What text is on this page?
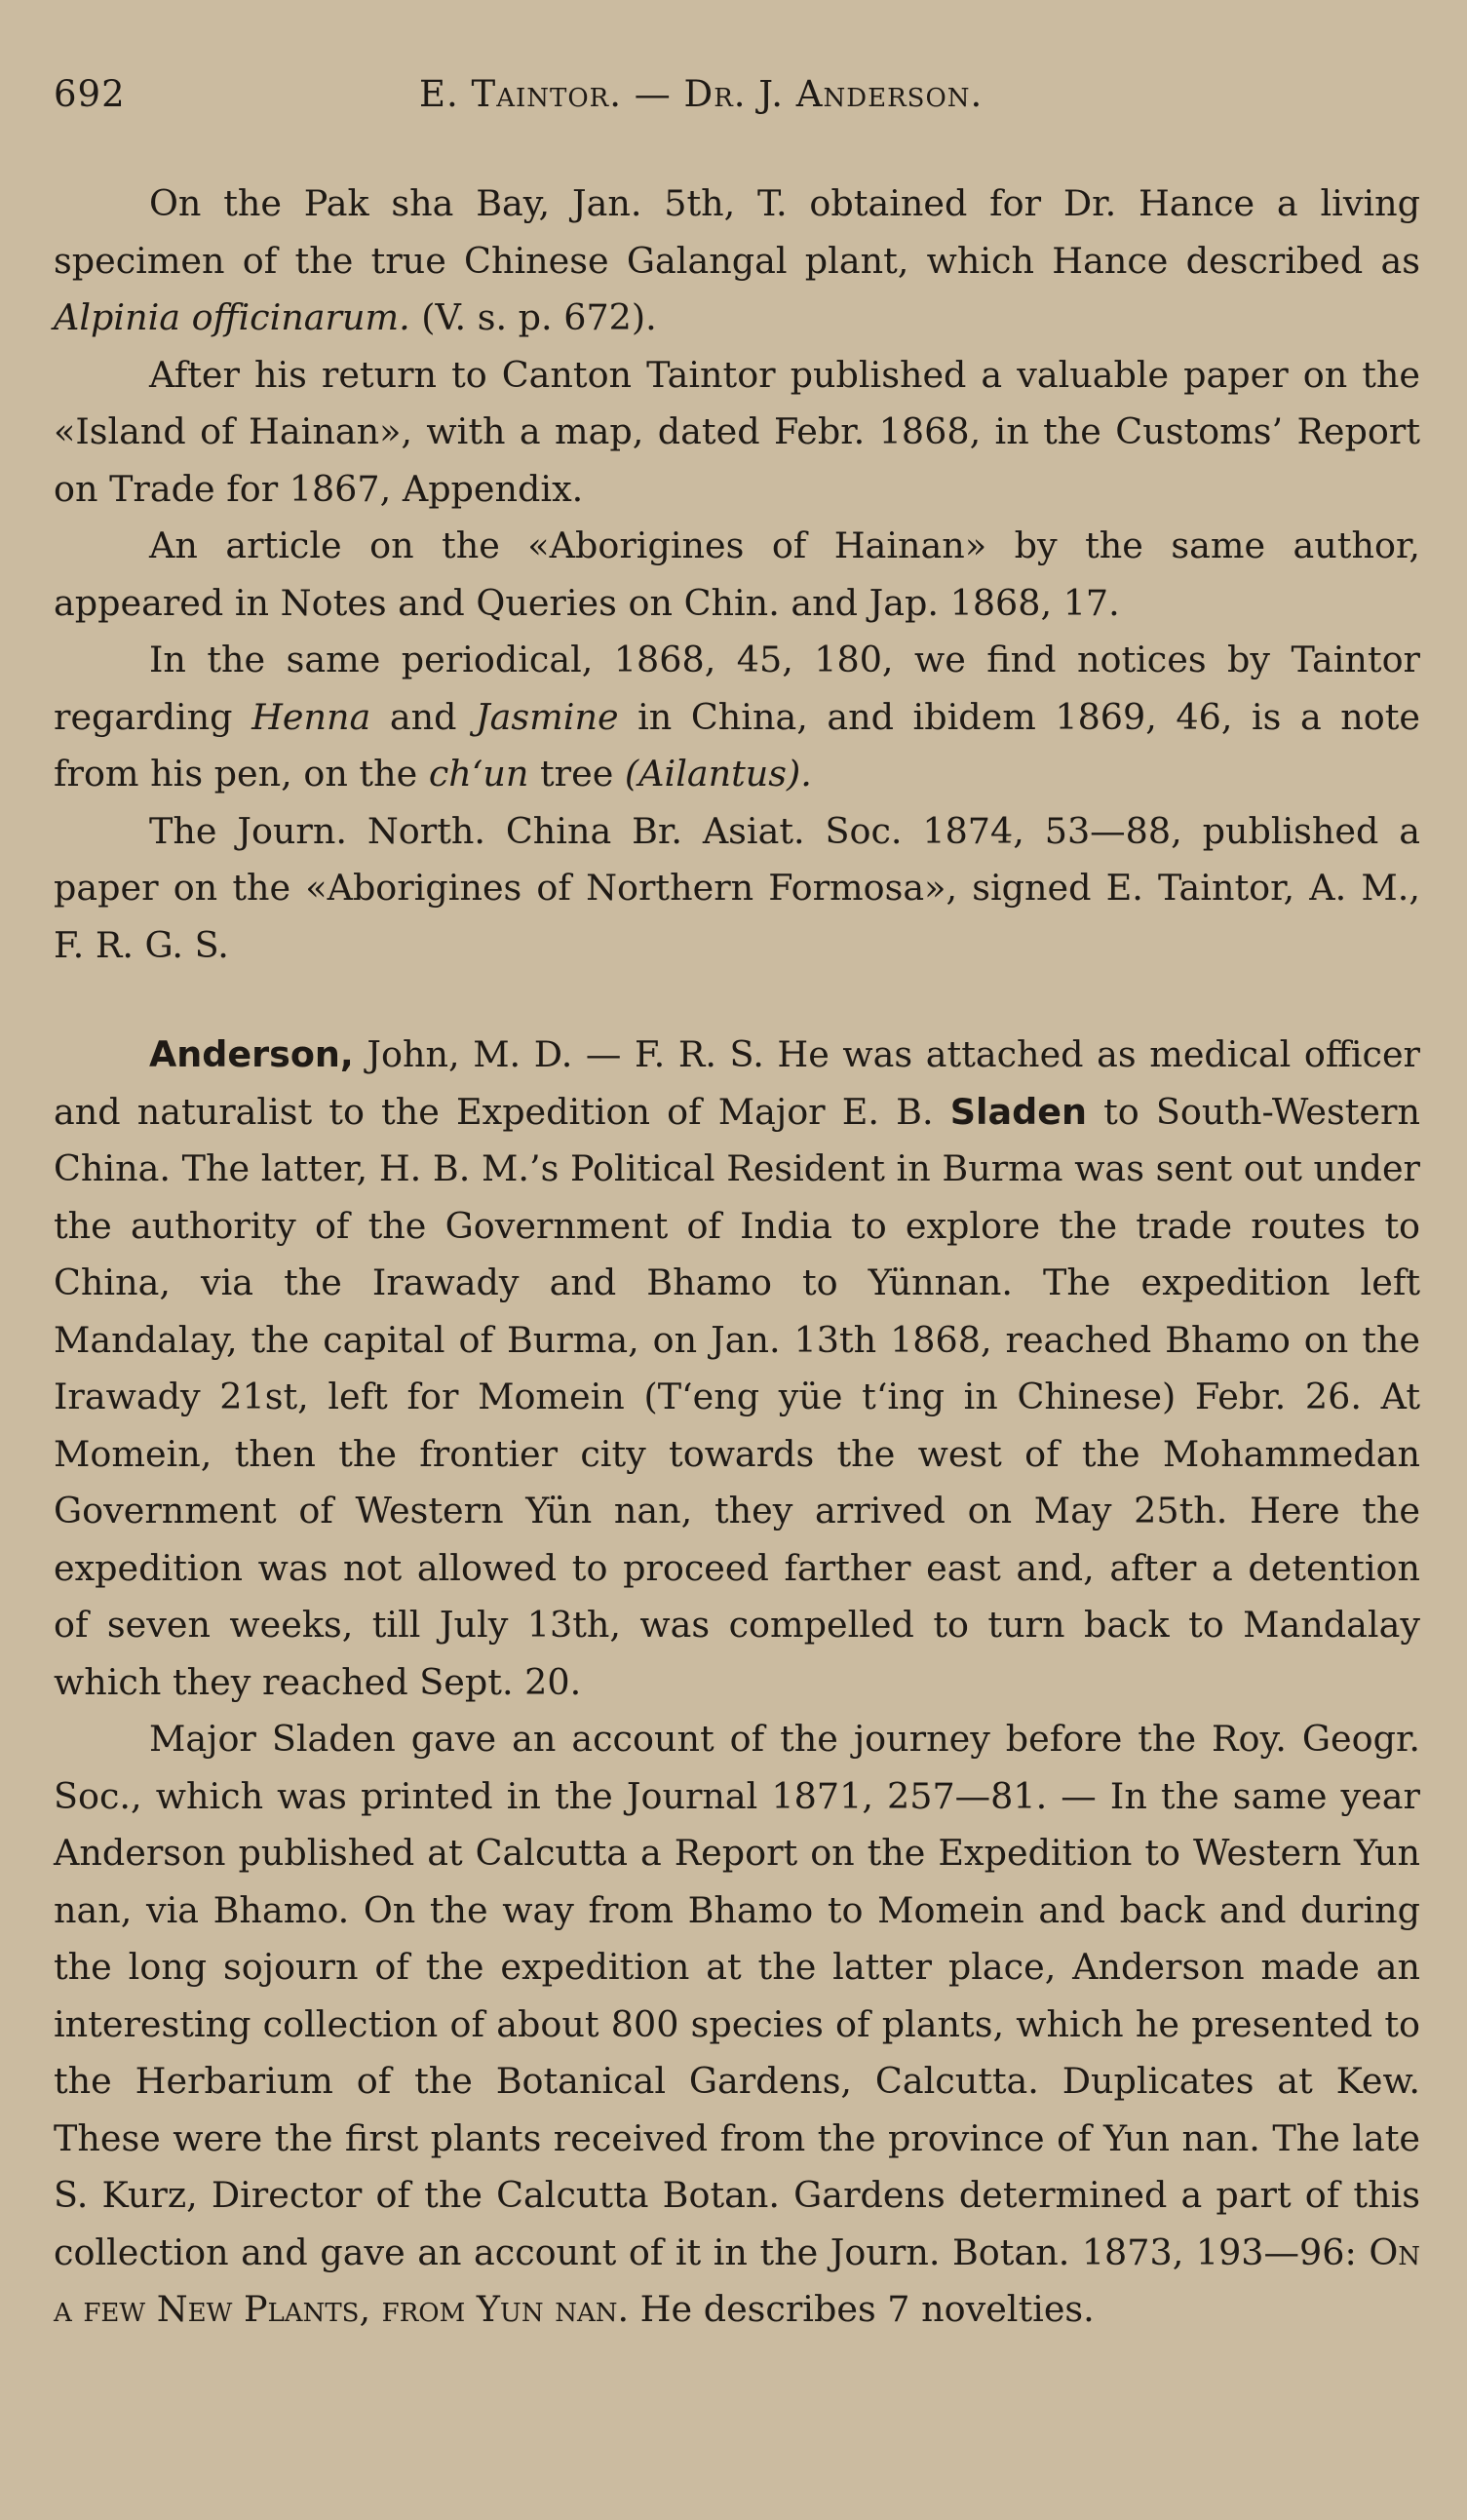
692	E. Taintor. — Dr. J. Anderson.

On the Pak sha Bay, Jan. 5th, T. obtained for Dr. Hance a living specimen of the true Chinese Galangal plant, which Hance described as Alpinia officinarum. (V. s. p. 672).

After his return to Canton Taintor published a valuable paper on the «Island of Hainan», with a map, dated Febr. 1868, in the Customs’ Report on Trade for 1867, Appendix.

An article on the «Aborigines of Hainan» by the same author, appeared in Notes and Queries on Chin. and Jap. 1868, 17.

In the same periodical, 1868, 45, 180, we find notices by Taintor regarding Henna and Jasmine in China, and ibidem 1869, 46, is a note from his pen, on the ch‘un tree (Ailantus).

The Journ. North. China Br. Asiat. Soc. 1874, 53—88, published a paper on the «Aborigines of Northern Formosa», signed E. Taintor, A. M., F. R. G. S.

Anderson, John, M. D. — F. R. S. He was attached as medical officer and naturalist to the Expedition of Major E. B. Sladen to South-Western China. The latter, H. B. M.’s Political Resident in Burma was sent out under the authority of the Government of India to explore the trade routes to China, via the Irawady and Bhamo to Yünnan. The expedition left Mandalay, the capital of Burma, on Jan. 13th 1868, reached Bhamo on the Irawady 21st, left for Momein (T‘eng yüe t‘ing in Chinese) Febr. 26. At Momein, then the frontier city towards the west of the Mohammedan Government of Western Yün nan, they arrived on May 25th. Here the expedition was not allowed to proceed farther east and, after a detention of seven weeks, till July 13th, was compelled to turn back to Mandalay which they reached Sept. 20.

Major Sladen gave an account of the journey before the Roy. Geogr. Soc., which was printed in the Journal 1871, 257—81. — In the same year Anderson published at Calcutta a Report on the Expedition to Western Yun nan, via Bhamo. On the way from Bhamo to Momein and back and during the long sojourn of the expedition at the latter place, Anderson made an interesting collection of about 800 species of plants, which he presented to the Herbarium of the Botanical Gardens, Calcutta. Duplicates at Kew. These were the first plants received from the province of Yun nan. The late S. Kurz, Director of the Calcutta Botan. Gardens determined a part of this collection and gave an account of it in the Journ. Botan. 1873, 193—96: On a few New Plants, from Yun nan. He describes 7 novelties.
